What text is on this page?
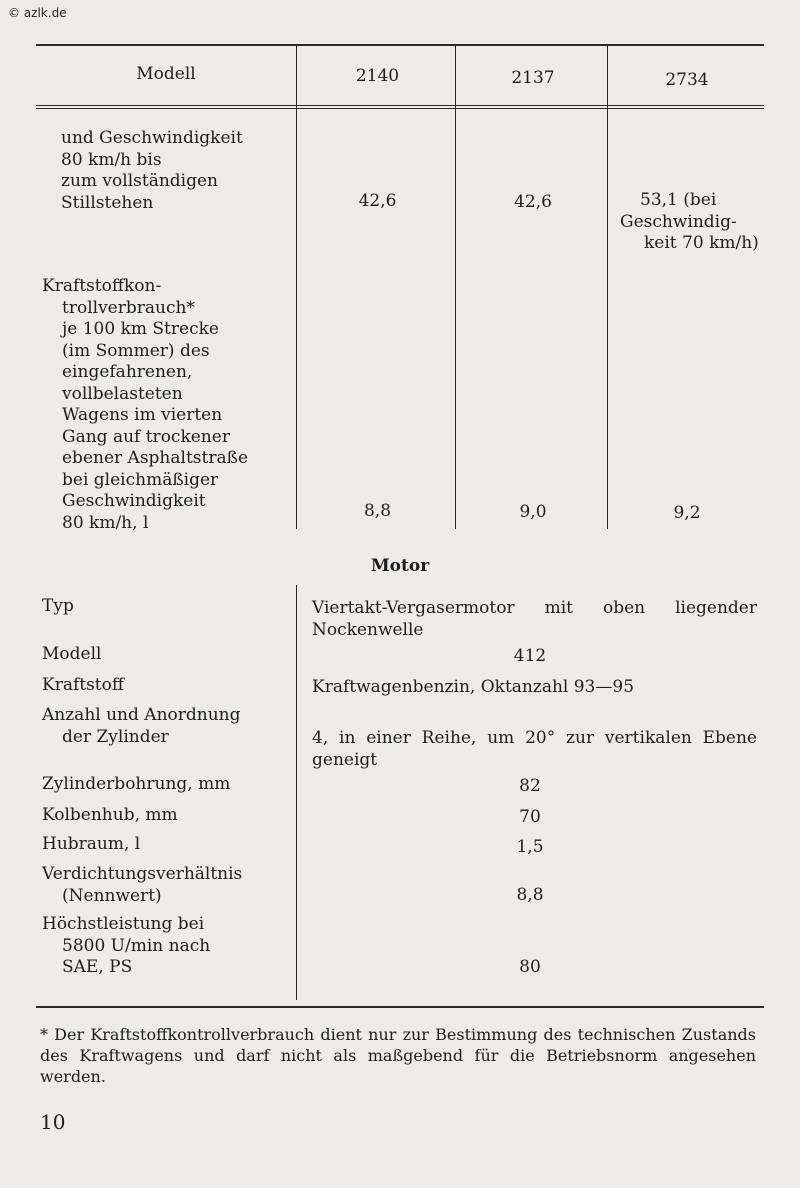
© azlk.de
Modell	2140	2137	2734
und Geschwindigkeit
80 km/h bis
zum vollständigen
Stillstehen	42,6	42,6	53,1 (bei
Geschwindig-
keit 70 km/h)
Kraftstoffkon-
trollverbrauch*
je 100 km Strecke
(im Sommer) des
eingefahrenen,
vollbelasteten
Wagens im vierten
Gang auf trockener
ebener Asphaltstraße
bei gleichmäßiger
Geschwindigkeit
80 km/h, l
8,8	9,0	9,2
Motor
Typ	Viertakt-Vergasermotor mit oben liegender Nockenwelle
Modell	412
Kraftstoff	Kraftwagenbenzin, Oktanzahl 93—95
Anzahl und Anordnung
der Zylinder	4, in einer Reihe, um 20° zur vertikalen Ebene geneigt
Zylinderbohrung, mm	82
Kolbenhub, mm	70
Hubraum, l	1,5
Verdichtungsverhältnis
(Nennwert)	8,8
Höchstleistung bei
5800 U/min nach
SAE, PS	80
* Der Kraftstoffkontrollverbrauch dient nur zur Bestimmung des technischen Zustands des Kraftwagens und darf nicht als maßgebend für die Betriebsnorm angesehen werden.
10
